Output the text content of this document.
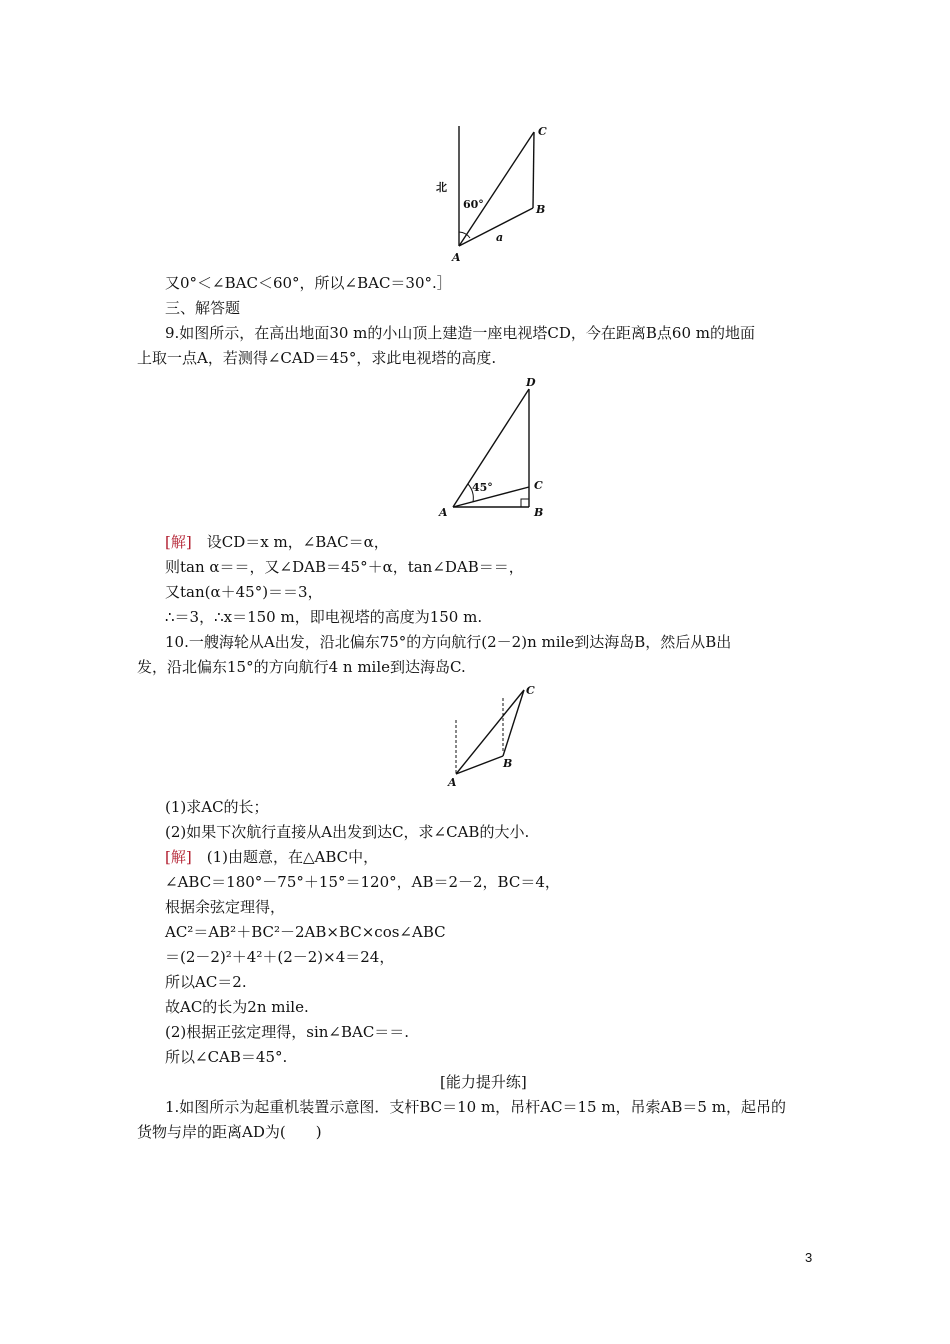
北
60°
C
B
A
a
又0°＜∠BAC＜60°，所以∠BAC＝30°.］
三、解答题
9.如图所示，在高出地面30 m的小山顶上建造一座电视塔CD，今在距离B点60 m的地面
上取一点A，若测得∠CAD＝45°，求此电视塔的高度.
45°
D
C
B
A
[解]　 设CD＝x m，∠BAC＝α，
则tan α＝＝，又∠DAB＝45°＋α，tan∠DAB＝＝，
又tan(α＋45°)＝＝3，
∴＝3，∴x＝150 m，即电视塔的高度为150 m.
10.一艘海轮从A出发，沿北偏东75°的方向航行(2－2)n mile到达海岛B，然后从B出
发，沿北偏东15°的方向航行4 n mile到达海岛C.
C
B
A
(1)求AC的长；
(2)如果下次航行直接从A出发到达C，求∠CAB的大小.
[解]　 (1)由题意，在△ABC中，
∠ABC＝180°－75°＋15°＝120°，AB＝2－2，BC＝4，
根据余弦定理得，
AC²＝AB²＋BC²－2AB×BC×cos∠ABC
＝(2－2)²＋4²＋(2－2)×4＝24，
所以AC＝2.
故AC的长为2n mile.
(2)根据正弦定理得，sin∠BAC＝＝.
所以∠CAB＝45°.
[能力提升练]
1.如图所示为起重机装置示意图．支杆BC＝10 m，吊杆AC＝15 m，吊索AB＝5 m，起吊的
货物与岸的距离AD为(　　)
3
